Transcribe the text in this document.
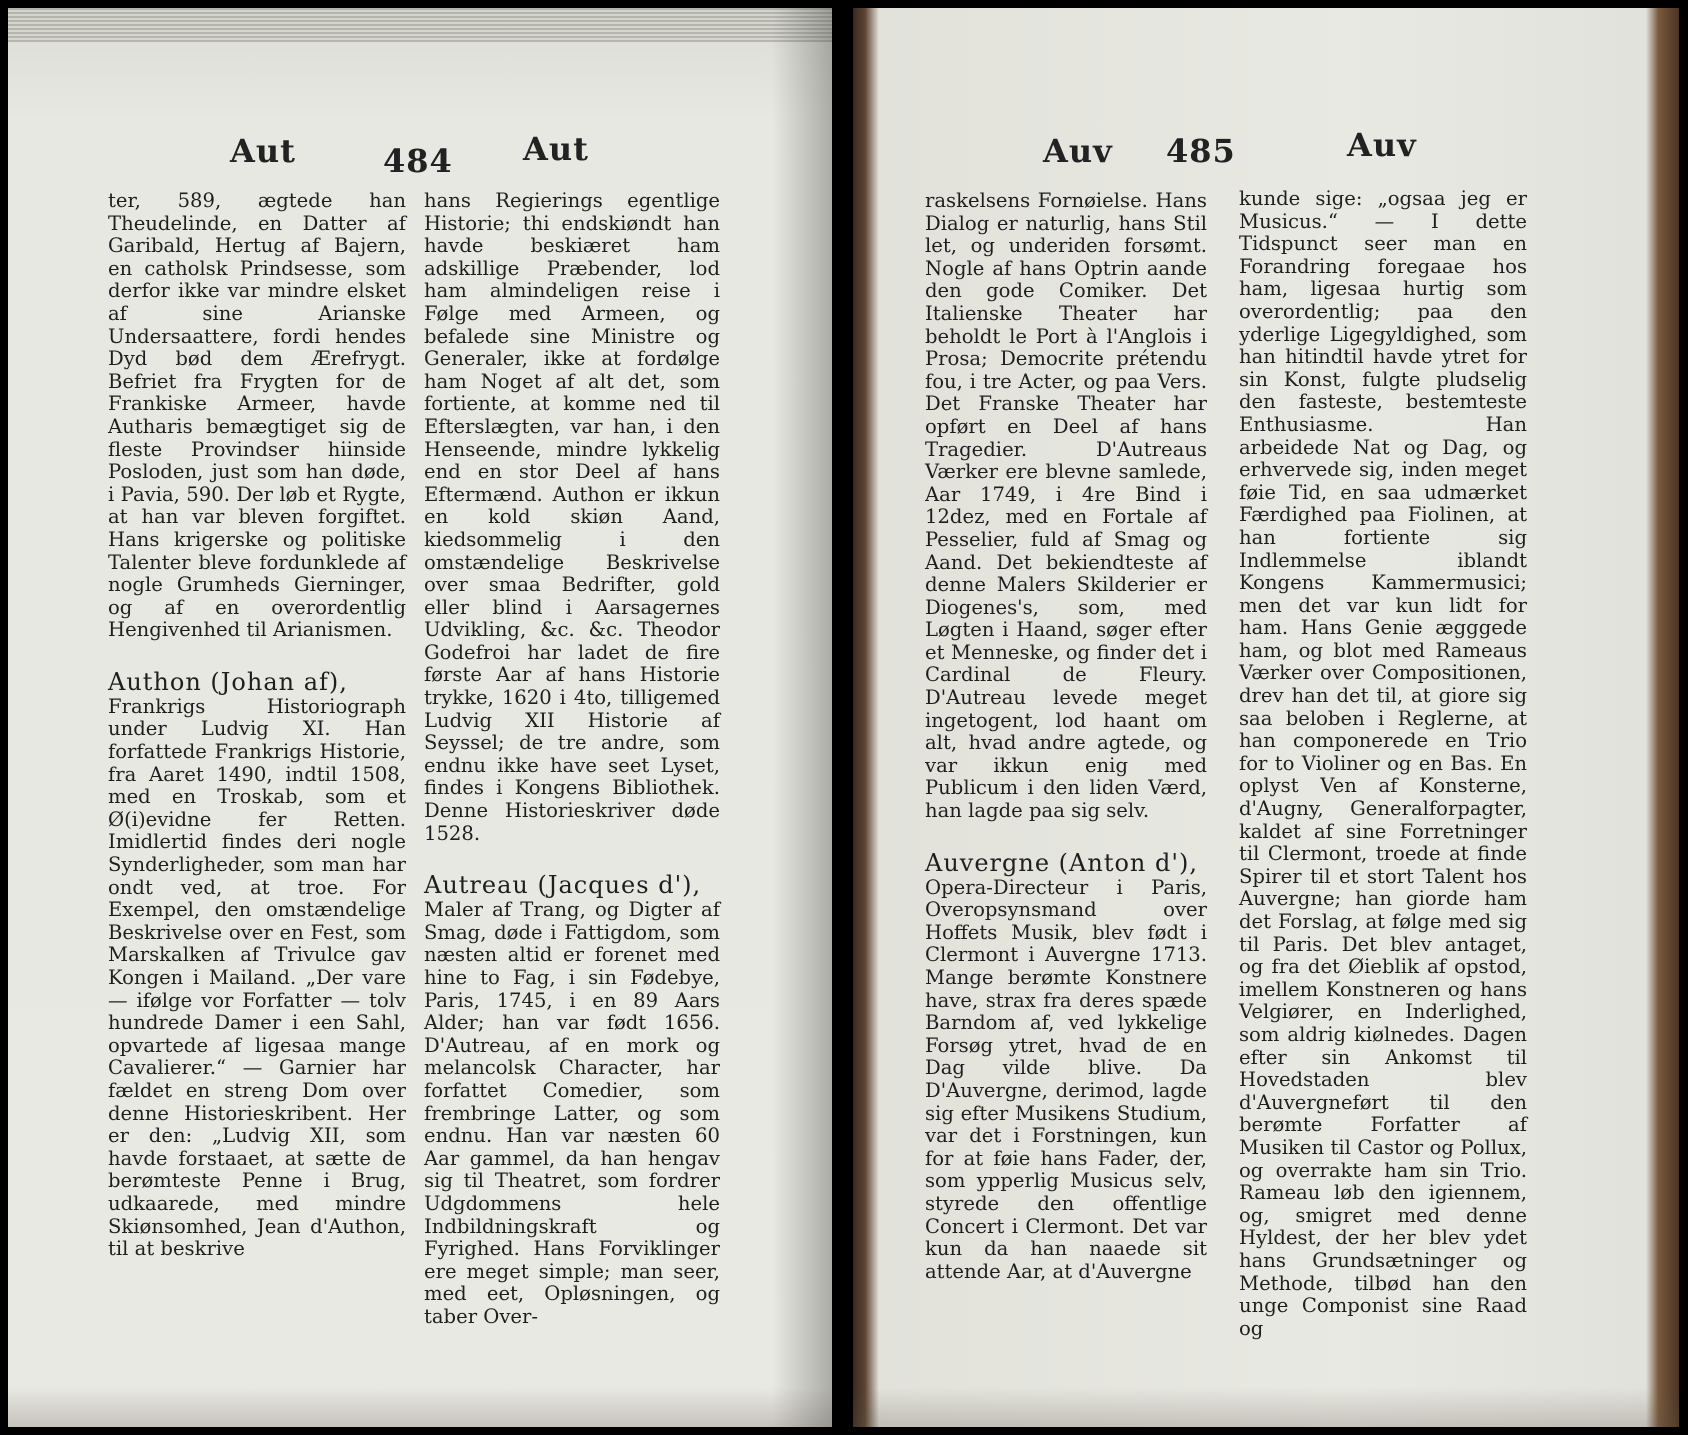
Aut	484 Aut

ter, 589, ægtede han Theudelinde, en Datter af Garibald, Hertug af Bajern, en catholsk Prindsesse, som derfor ikke var mindre elsket af sine Arianske Undersaattere, fordi hendes Dyd bød dem Ærefrygt. Befriet fra Frygten for de Frankiske Armeer, havde Autharis bemægtiget sig de fleste Provindser hiinside Posloden, just som han døde, i Pavia, 590. Der løb et Rygte, at han var bleven forgiftet. Hans krigerske og politiske Talenter bleve fordunklede af nogle Grumheds Gierninger, og af en overordentlig Hengivenhed til Arianismen.

Authon (Johan af),

Frankrigs Historiograph under Ludvig XI. Han forfattede Frankrigs Historie, fra Aaret 1490, indtil 1508, med en Troskab, som et Ø(i)evidne fer Retten. Imidlertid findes deri nogle Synderligheder, som man har ondt ved, at troe. For Exempel, den omstændelige Beskrivelse over en Fest, som Marskalken af Trivulce gav Kongen i Mailand. „Der vare — ifølge vor Forfatter — tolv hundrede Damer i een Sahl, opvartede af ligesaa mange Cavalierer.“ — Garnier har fældet en streng Dom over denne Historieskribent. Her er den: „Ludvig XII, som havde forstaaet, at sætte de berømteste Penne i Brug, udkaarede, med mindre Skiønsomhed, Jean d'Authon, til at beskrive

hans Regierings egentlige Historie; thi endskiøndt han havde beskiæret ham adskillige Præbender, lod ham almindeligen reise i Følge med Armeen, og befalede sine Ministre og Generaler, ikke at fordølge ham Noget af alt det, som fortiente, at komme ned til Efterslægten, var han, i den Henseende, mindre lykkelig end en stor Deel af hans Eftermænd. Authon er ikkun en kold skiøn Aand, kiedsommelig i den omstændelige Beskrivelse over smaa Bedrifter, gold eller blind i Aarsagernes Udvikling, &c. &c. Theodor Godefroi har ladet de fire første Aar af hans Historie trykke, 1620 i 4to, tilligemed Ludvig XII Historie af Seyssel; de tre andre, som endnu ikke have seet Lyset, findes i Kongens Bibliothek. Denne Historieskriver døde 1528.

Autreau (Jacques d'),

Maler af Trang, og Digter af Smag, døde i Fattigdom, som næsten altid er forenet med hine to Fag, i sin Fødebye, Paris, 1745, i en 89 Aars Alder; han var født 1656. D'Autreau, af en mork og melancolsk Character, har forfattet Comedier, som frembringe Latter, og som endnu. Han var næsten 60 Aar gammel, da han hengav sig til Theatret, som fordrer Udgdommens hele Indbildningskraft og Fyrighed. Hans Forviklinger ere meget simple; man seer, med eet, Opløsningen, og taber Over-

Auv 485	Auv

raskelsens Fornøielse. Hans Dialog er naturlig, hans Stil let, og underiden forsømt. Nogle af hans Optrin aande den gode Comiker. Det Italienske Theater har beholdt le Port à l'Anglois i Prosa; Democrite prétendu fou, i tre Acter, og paa Vers. Det Franske Theater har opført en Deel af hans Tragedier. D'Autreaus Værker ere blevne samlede, Aar 1749, i 4re Bind i 12dez, med en Fortale af Pesselier, fuld af Smag og Aand. Det bekiendteste af denne Malers Skilderier er Diogenes's, som, med Løgten i Haand, søger efter et Menneske, og finder det i Cardinal de Fleury. D'Autreau levede meget ingetogent, lod haant om alt, hvad andre agtede, og var ikkun enig med Publicum i den liden Værd, han lagde paa sig selv.

Auvergne (Anton d'),

Opera-Directeur i Paris, Overopsynsmand over Hoffets Musik, blev født i Clermont i Auvergne 1713. Mange berømte Konstnere have, strax fra deres spæde Barndom af, ved lykkelige Forsøg ytret, hvad de en Dag vilde blive. Da D'Auvergne, derimod, lagde sig efter Musikens Studium, var det i Forstningen, kun for at føie hans Fader, der, som ypperlig Musicus selv, styrede den offentlige Concert i Clermont. Det var kun da han naaede sit attende Aar, at d'Auvergne

kunde sige: „ogsaa jeg er Musicus.“ — I dette Tidspunct seer man en Forandring foregaae hos ham, ligesaa hurtig som overordentlig; paa den yderlige Ligegyldighed, som han hitindtil havde ytret for sin Konst, fulgte pludselig den fasteste, bestemteste Enthusiasme. Han arbeidede Nat og Dag, og erhvervede sig, inden meget føie Tid, en saa udmærket Færdighed paa Fiolinen, at han fortiente sig Indlemmelse iblandt Kongens Kammermusici; men det var kun lidt for ham. Hans Genie ægggede ham, og blot med Rameaus Værker over Compositionen, drev han det til, at giore sig saa beloben i Reglerne, at han componerede en Trio for to Violiner og en Bas. En oplyst Ven af Konsterne, d'Augny, Generalforpagter, kaldet af sine Forretninger til Clermont, troede at finde Spirer til et stort Talent hos Auvergne; han giorde ham det Forslag, at følge med sig til Paris. Det blev antaget, og fra det Øieblik af opstod, imellem Konstneren og hans Velgiører, en Inderlighed, som aldrig kiølnedes. Dagen efter sin Ankomst til Hovedstaden blev d'Auvergneført til den berømte Forfatter af Musiken til Castor og Pollux, og overrakte ham sin Trio. Rameau løb den igiennem, og, smigret med denne Hyldest, der her blev ydet hans Grundsætninger og Methode, tilbød han den unge Componist sine Raad og
